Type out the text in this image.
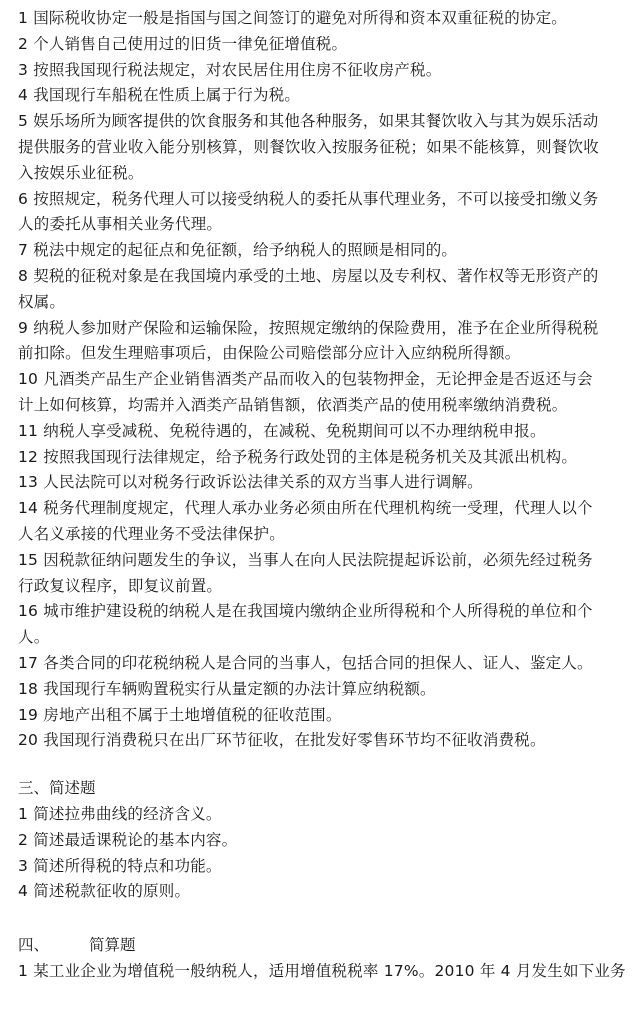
1 国际税收协定一般是指国与国之间签订的避免对所得和资本双重征税的协定。
2 个人销售自己使用过的旧货一律免征增值税。
3 按照我国现行税法规定，对农民居住用住房不征收房产税。
4 我国现行车船税在性质上属于行为税。
5 娱乐场所为顾客提供的饮食服务和其他各种服务，如果其餐饮收入与其为娱乐活动
提供服务的营业收入能分别核算，则餐饮收入按服务征税；如果不能核算，则餐饮收
入按娱乐业征税。
6 按照规定，税务代理人可以接受纳税人的委托从事代理业务，不可以接受扣缴义务
人的委托从事相关业务代理。
7 税法中规定的起征点和免征额，给予纳税人的照顾是相同的。
8 契税的征税对象是在我国境内承受的土地、房屋以及专利权、著作权等无形资产的
权属。
9 纳税人参加财产保险和运输保险，按照规定缴纳的保险费用，准予在企业所得税税
前扣除。但发生理赔事项后，由保险公司赔偿部分应计入应纳税所得额。
10 凡酒类产品生产企业销售酒类产品而收入的包装物押金，无论押金是否返还与会
计上如何核算，均需并入酒类产品销售额，依酒类产品的使用税率缴纳消费税。
11 纳税人享受减税、免税待遇的，在减税、免税期间可以不办理纳税申报。
12 按照我国现行法律规定，给予税务行政处罚的主体是税务机关及其派出机构。
13 人民法院可以对税务行政诉讼法律关系的双方当事人进行调解。
14 税务代理制度规定，代理人承办业务必须由所在代理机构统一受理，代理人以个
人名义承接的代理业务不受法律保护。
15 因税款征纳问题发生的争议，当事人在向人民法院提起诉讼前，必须先经过税务
行政复议程序，即复议前置。
16 城市维护建设税的纳税人是在我国境内缴纳企业所得税和个人所得税的单位和个
人。
17 各类合同的印花税纳税人是合同的当事人，包括合同的担保人、证人、鉴定人。
18 我国现行车辆购置税实行从量定额的办法计算应纳税额。
19 房地产出租不属于土地增值税的征收范围。
20 我国现行消费税只在出厂环节征收，在批发好零售环节均不征收消费税。
三、简述题
1 简述拉弗曲线的经济含义。
2 简述最适课税论的基本内容。
3 简述所得税的特点和功能。
4 简述税款征收的原则。
四、	简算题
1 某工业企业为增值税一般纳税人，适用增值税税率 17%。2010 年 4 月发生如下业务
